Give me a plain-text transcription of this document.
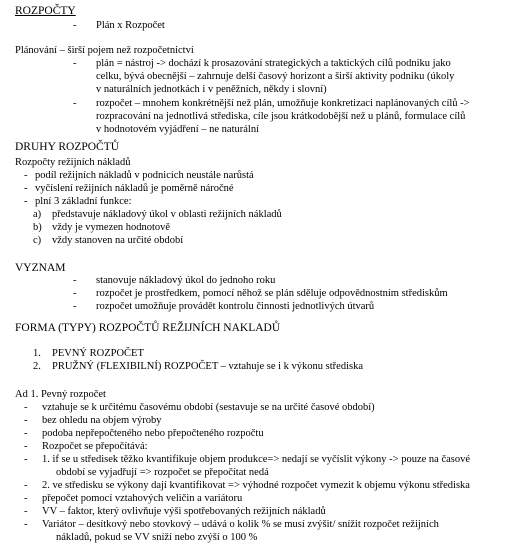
ROZPOČTY
- Plán x Rozpočet
Plánování – širší pojem než rozpočetnictví
- plán = nástroj -> dochází k prosazování strategických a taktických cílů podniku jako
celku, bývá obecnější – zahrnuje delší časový horizont a širší aktivity podniku (úkoly
v naturálních jednotkách i v peněžních, někdy i slovní)
- rozpočet – mnohem konkrétnější než plán, umožňuje konkretizaci naplánovaných cílů ->
rozpracování na jednotlivá střediska, cíle jsou krátkodobější než u plánů, formulace cílů
v hodnotovém vyjádření – ne naturální
DRUHY ROZPOČTŮ
Rozpočty režijních nákladů
- podíl režijních nákladů v podnicích neustále narůstá
- vyčíslení režijních nákladů je poměrně náročné
- plní 3 základní funkce:
a) představuje nákladový úkol v oblasti režijních nákladů
b) vždy je vymezen hodnotově
c) vždy stanoven na určité období
VYZNAM
- stanovuje nákladový úkol do jednoho roku
- rozpočet je prostředkem, pomocí něhož se plán sděluje odpovědnostním střediskům
- rozpočet umožňuje provádět kontrolu činnosti jednotlivých útvarů
FORMA (TYPY) ROZPOČTŮ REŽIJNÍCH NAKLADŮ
1. PEVNÝ ROZPOČET
2. PRUŽNÝ (FLEXIBILNÍ) ROZPOČET – vztahuje se i k výkonu střediska
Ad 1. Pevný rozpočet
- vztahuje se k určitému časovému období (sestavuje se na určité časové období)
- bez ohledu na objem výroby
- podoba nepřepočteného nebo přepočteného rozpočtu
- Rozpočet se přepočítává:
- 1. if se u středisek těžko kvantifikuje objem produkce=> nedají se vyčíslit výkony -> pouze na časové
období se vyjadřují => rozpočet se přepočítat nedá
- 2. ve středisku se výkony dají kvantifikovat => výhodné rozpočet vymezit k objemu výkonu střediska
- přepočet pomocí vztahových veličin a variátoru
- VV – faktor, který ovlivňuje výši spotřebovaných režijních nákladů
- Variátor – desítkový nebo stovkový – udává o kolik % se musí zvýšit/ snížit rozpočet režijních
nákladů, pokud se VV sníží nebo zvýší o 100 %
